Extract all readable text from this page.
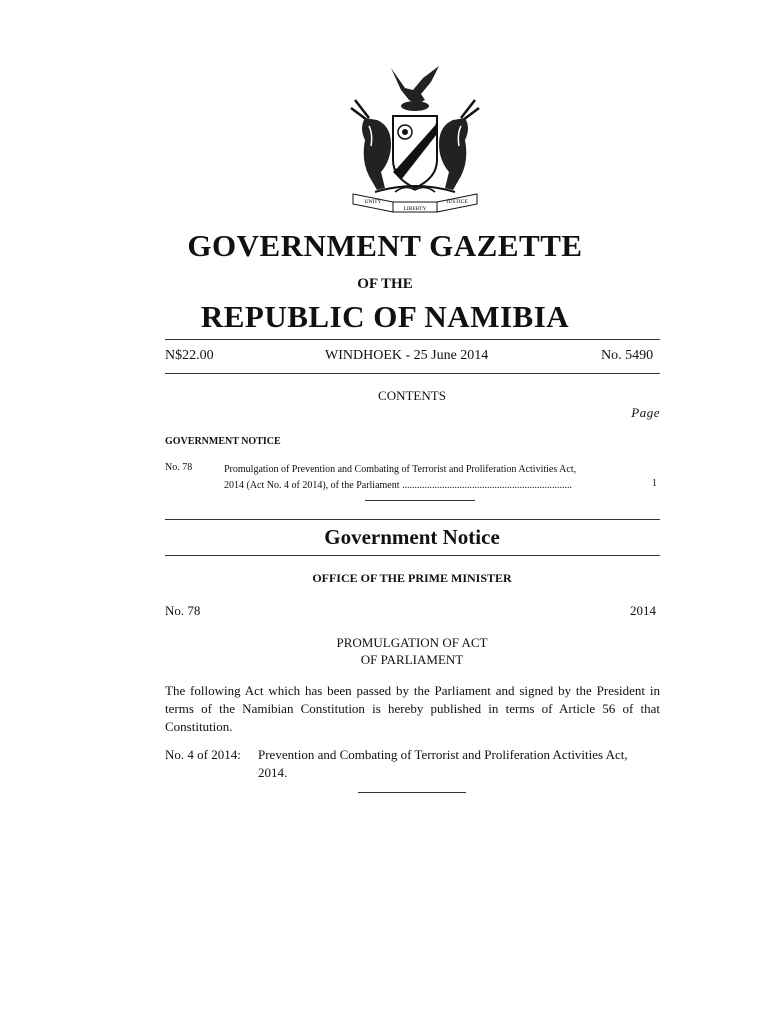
UNITY
LIBERTY
JUSTICE
GOVERNMENT GAZETTE
OF THE
REPUBLIC OF NAMIBIA
N$22.00	WINDHOEK - 25 June 2014	No. 5490
CONTENTS
Page
GOVERNMENT NOTICE
No. 78	Promulgation of Prevention and Combating of Terrorist and Proliferation Activities Act,
2014 (Act No. 4 of 2014), of the Parliament ....................................................................	1
Government Notice
OFFICE OF THE PRIME MINISTER
No. 78	2014
PROMULGATION OF ACT
OF PARLIAMENT
The following Act which has been passed by the Parliament and signed by the President in terms of the Namibian Constitution is hereby published in terms of Article 56 of that Constitution.
No. 4 of 2014: Prevention and Combating of Terrorist and Proliferation Activities Act, 2014.
